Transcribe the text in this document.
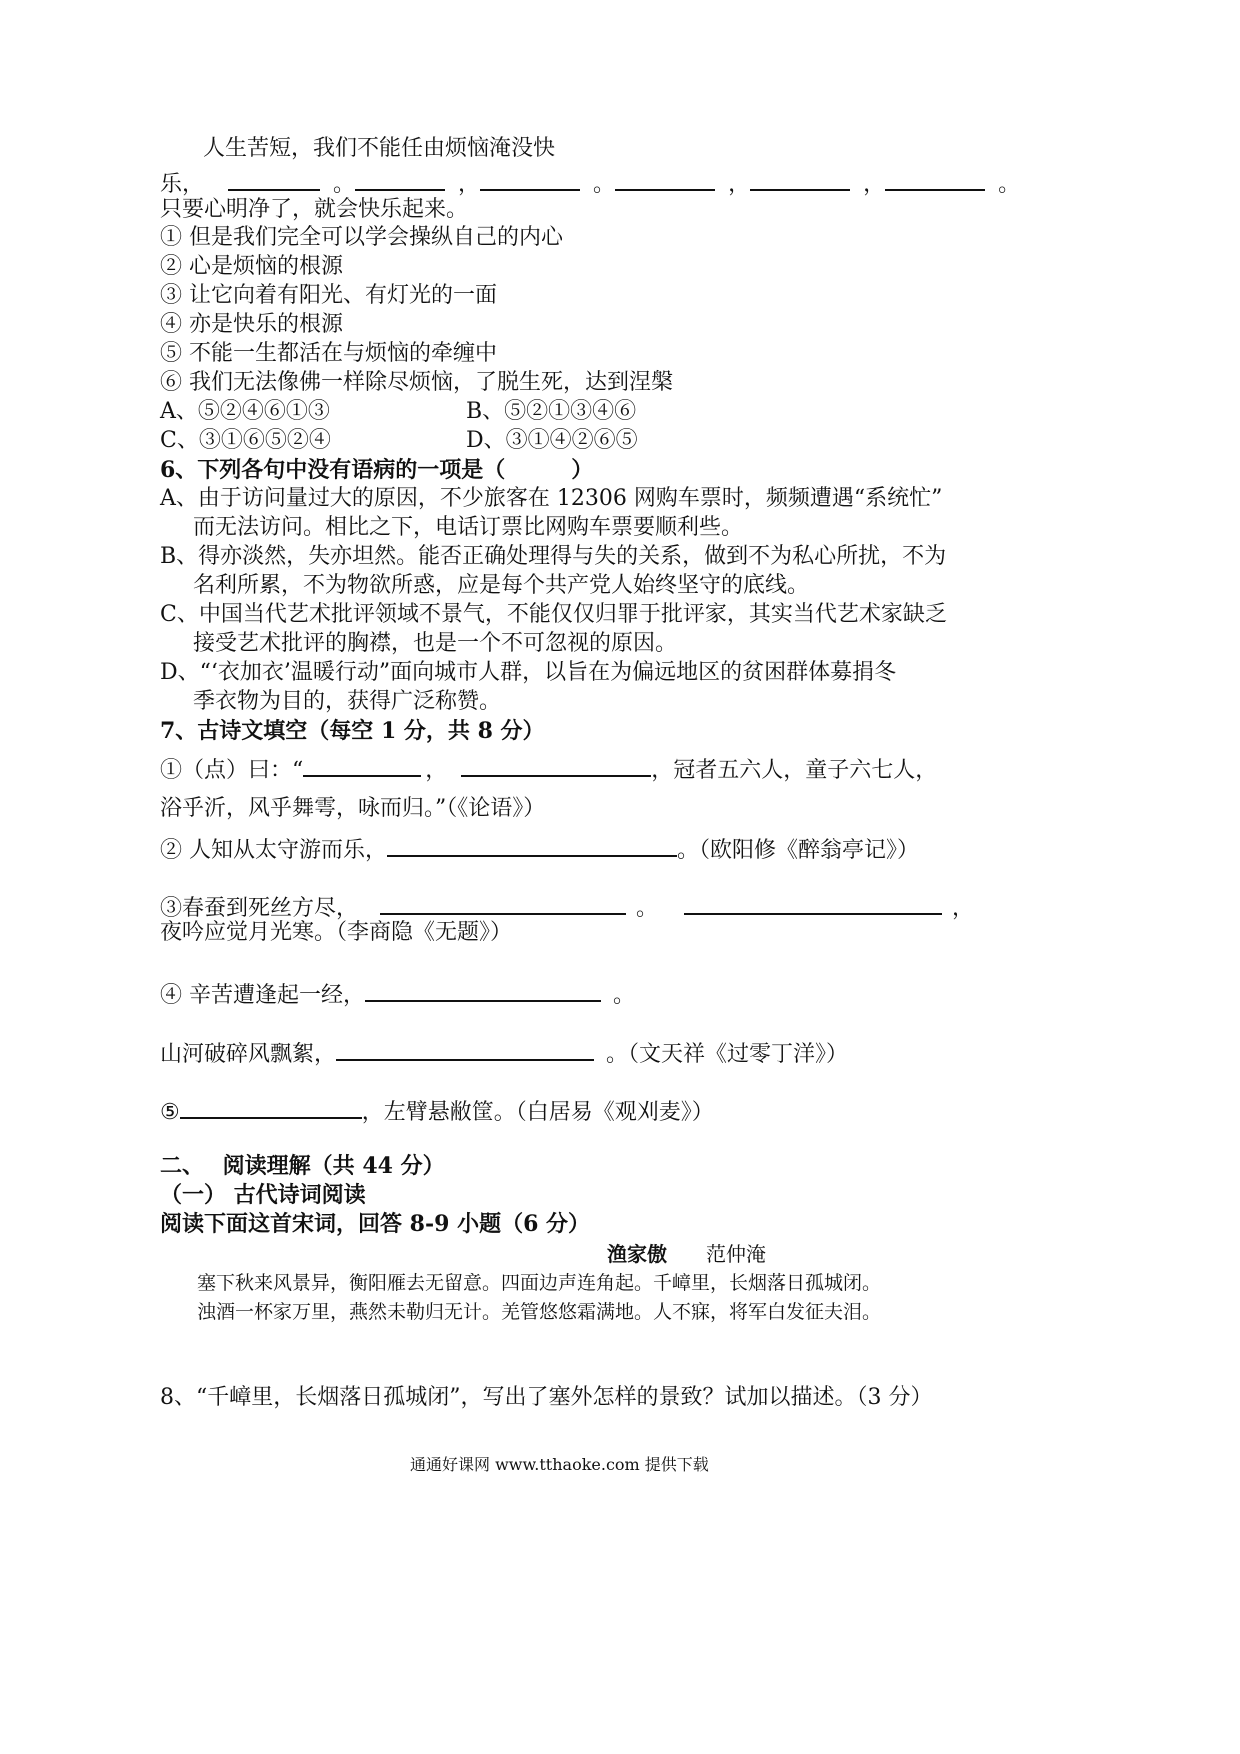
人生苦短，我们不能任由烦恼淹没快
乐，	。	，	。	，	，	。
只要心明净了，就会快乐起来。
① 但是我们完全可以学会操纵自己的内心
② 心是烦恼的根源
③ 让它向着有阳光、有灯光的一面
④ 亦是快乐的根源
⑤ 不能一生都活在与烦恼的牵缠中
⑥ 我们无法像佛一样除尽烦恼，了脱生死，达到涅槃
A、⑤②④⑥①③	B、⑤②①③④⑥
C、③①⑥⑤②④	D、③①④②⑥⑤
6、下列各句中没有语病的一项是（　　　）
A、由于访问量过大的原因，不少旅客在 12306 网购车票时，频频遭遇“系统忙”
而无法访问。相比之下，电话订票比网购车票要顺利些。
B、得亦淡然，失亦坦然。能否正确处理得与失的关系，做到不为私心所扰，不为
名利所累，不为物欲所惑，应是每个共产党人始终坚守的底线。
C、中国当代艺术批评领域不景气，不能仅仅归罪于批评家，其实当代艺术家缺乏
接受艺术批评的胸襟，也是一个不可忽视的原因。
D、“‘衣加衣’温暖行动”面向城市人群，以旨在为偏远地区的贫困群体募捐冬
季衣物为目的，获得广泛称赞。
7、古诗文填空（每空 1 分，共 8 分）
①（点）曰：“	，	，冠者五六人，童子六七人，
浴乎沂，风乎舞雩，咏而归。”（《论语》）
② 人知从太守游而乐，	。（欧阳修《醉翁亭记》）
③春蚕到死丝方尽，	。	，
夜吟应觉月光寒。（李商隐《无题》）
④ 辛苦遭逢起一经，	。
山河破碎风飘絮，	。（文天祥《过零丁洋》）
⑤	，左臂悬敝筐。（白居易《观刈麦》）
二、　 阅读理解（共 44 分）
（一） 古代诗词阅读
阅读下面这首宋词，回答 8-9 小题（6 分）
渔家傲 范仲淹
塞下秋来风景异，衡阳雁去无留意。四面边声连角起。千嶂里，长烟落日孤城闭。
浊酒一杯家万里，燕然未勒归无计。羌管悠悠霜满地。人不寐，将军白发征夫泪。
8、“千嶂里，长烟落日孤城闭”，写出了塞外怎样的景致？试加以描述。（3 分）
通通好课网 www.tthaoke.com 提供下载
